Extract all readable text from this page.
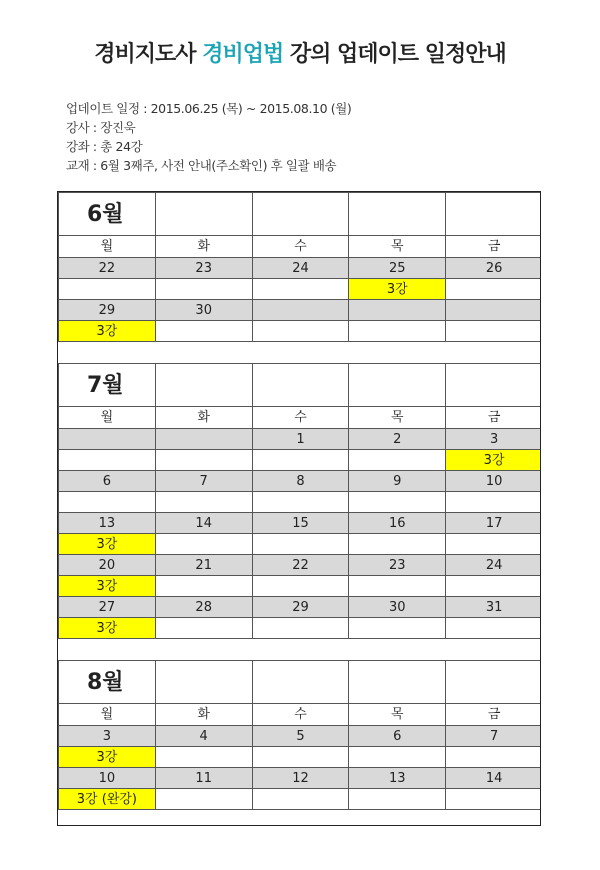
경비지도사 경비업법 강의 업데이트 일정안내
업데이트 일정 : 2015.06.25 (목) ~ 2015.08.10 (월)
강사 : 장진욱
강좌 : 총 24강
교재 : 6월 3째주, 사전 안내(주소확인) 후 일괄 배송
6월				
월	화	수	목	금
22	23	24	25	26
			3강	
29	30			
3강				

7월				
월	화	수	목	금
		1	2	3
				3강
6	7	8	9	10

13	14	15	16	17
3강				
20	21	22	23	24
3강				
27	28	29	30	31
3강				

8월				
월	화	수	목	금
3	4	5	6	7
3강				
10	11	12	13	14
3강 (완강)				
